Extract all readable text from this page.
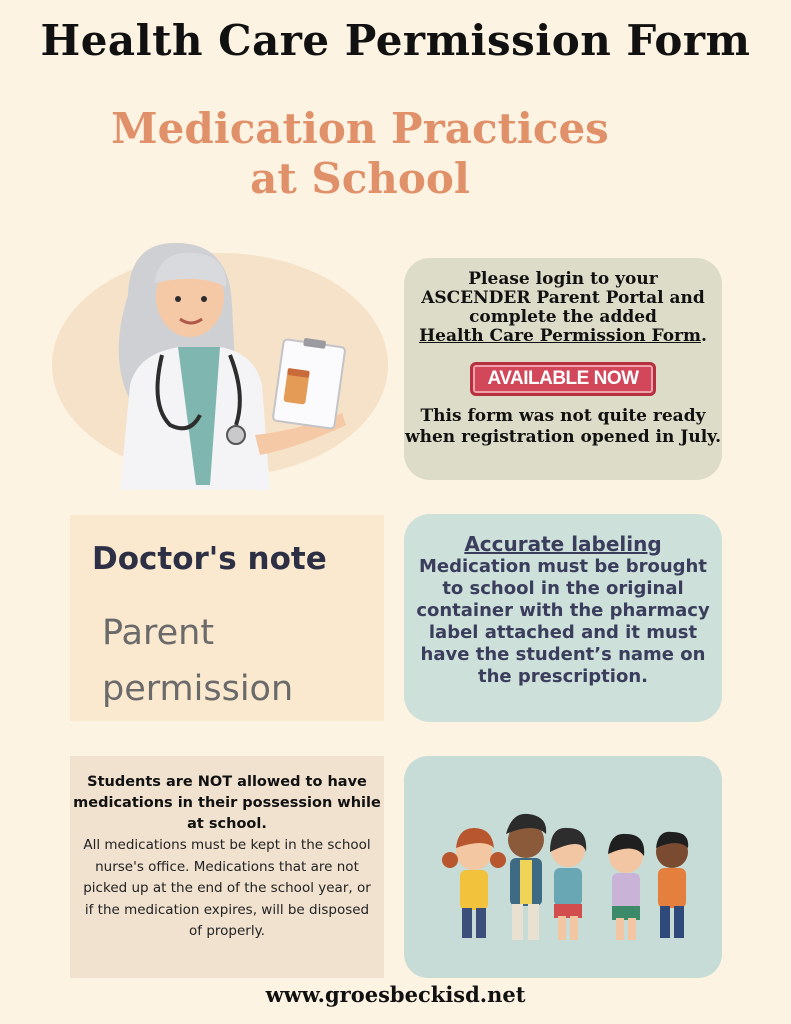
Health Care Permission Form
Medication Practices at School
Please login to your
ASCENDER Parent Portal and
complete the added
Health Care Permission Form.
AVAILABLE NOW
This form was not quite ready when registration opened in July.
Doctor's note
Parent permission
Accurate labeling
Medication must be brought to school in the original container with the pharmacy label attached and it must have the student’s name on the prescription.
Students are NOT allowed to have medications in their possession while at school.
All medications must be kept in the school nurse's office. Medications that are not picked up at the end of the school year, or if the medication expires, will be disposed of properly.
www.groesbeckisd.net
